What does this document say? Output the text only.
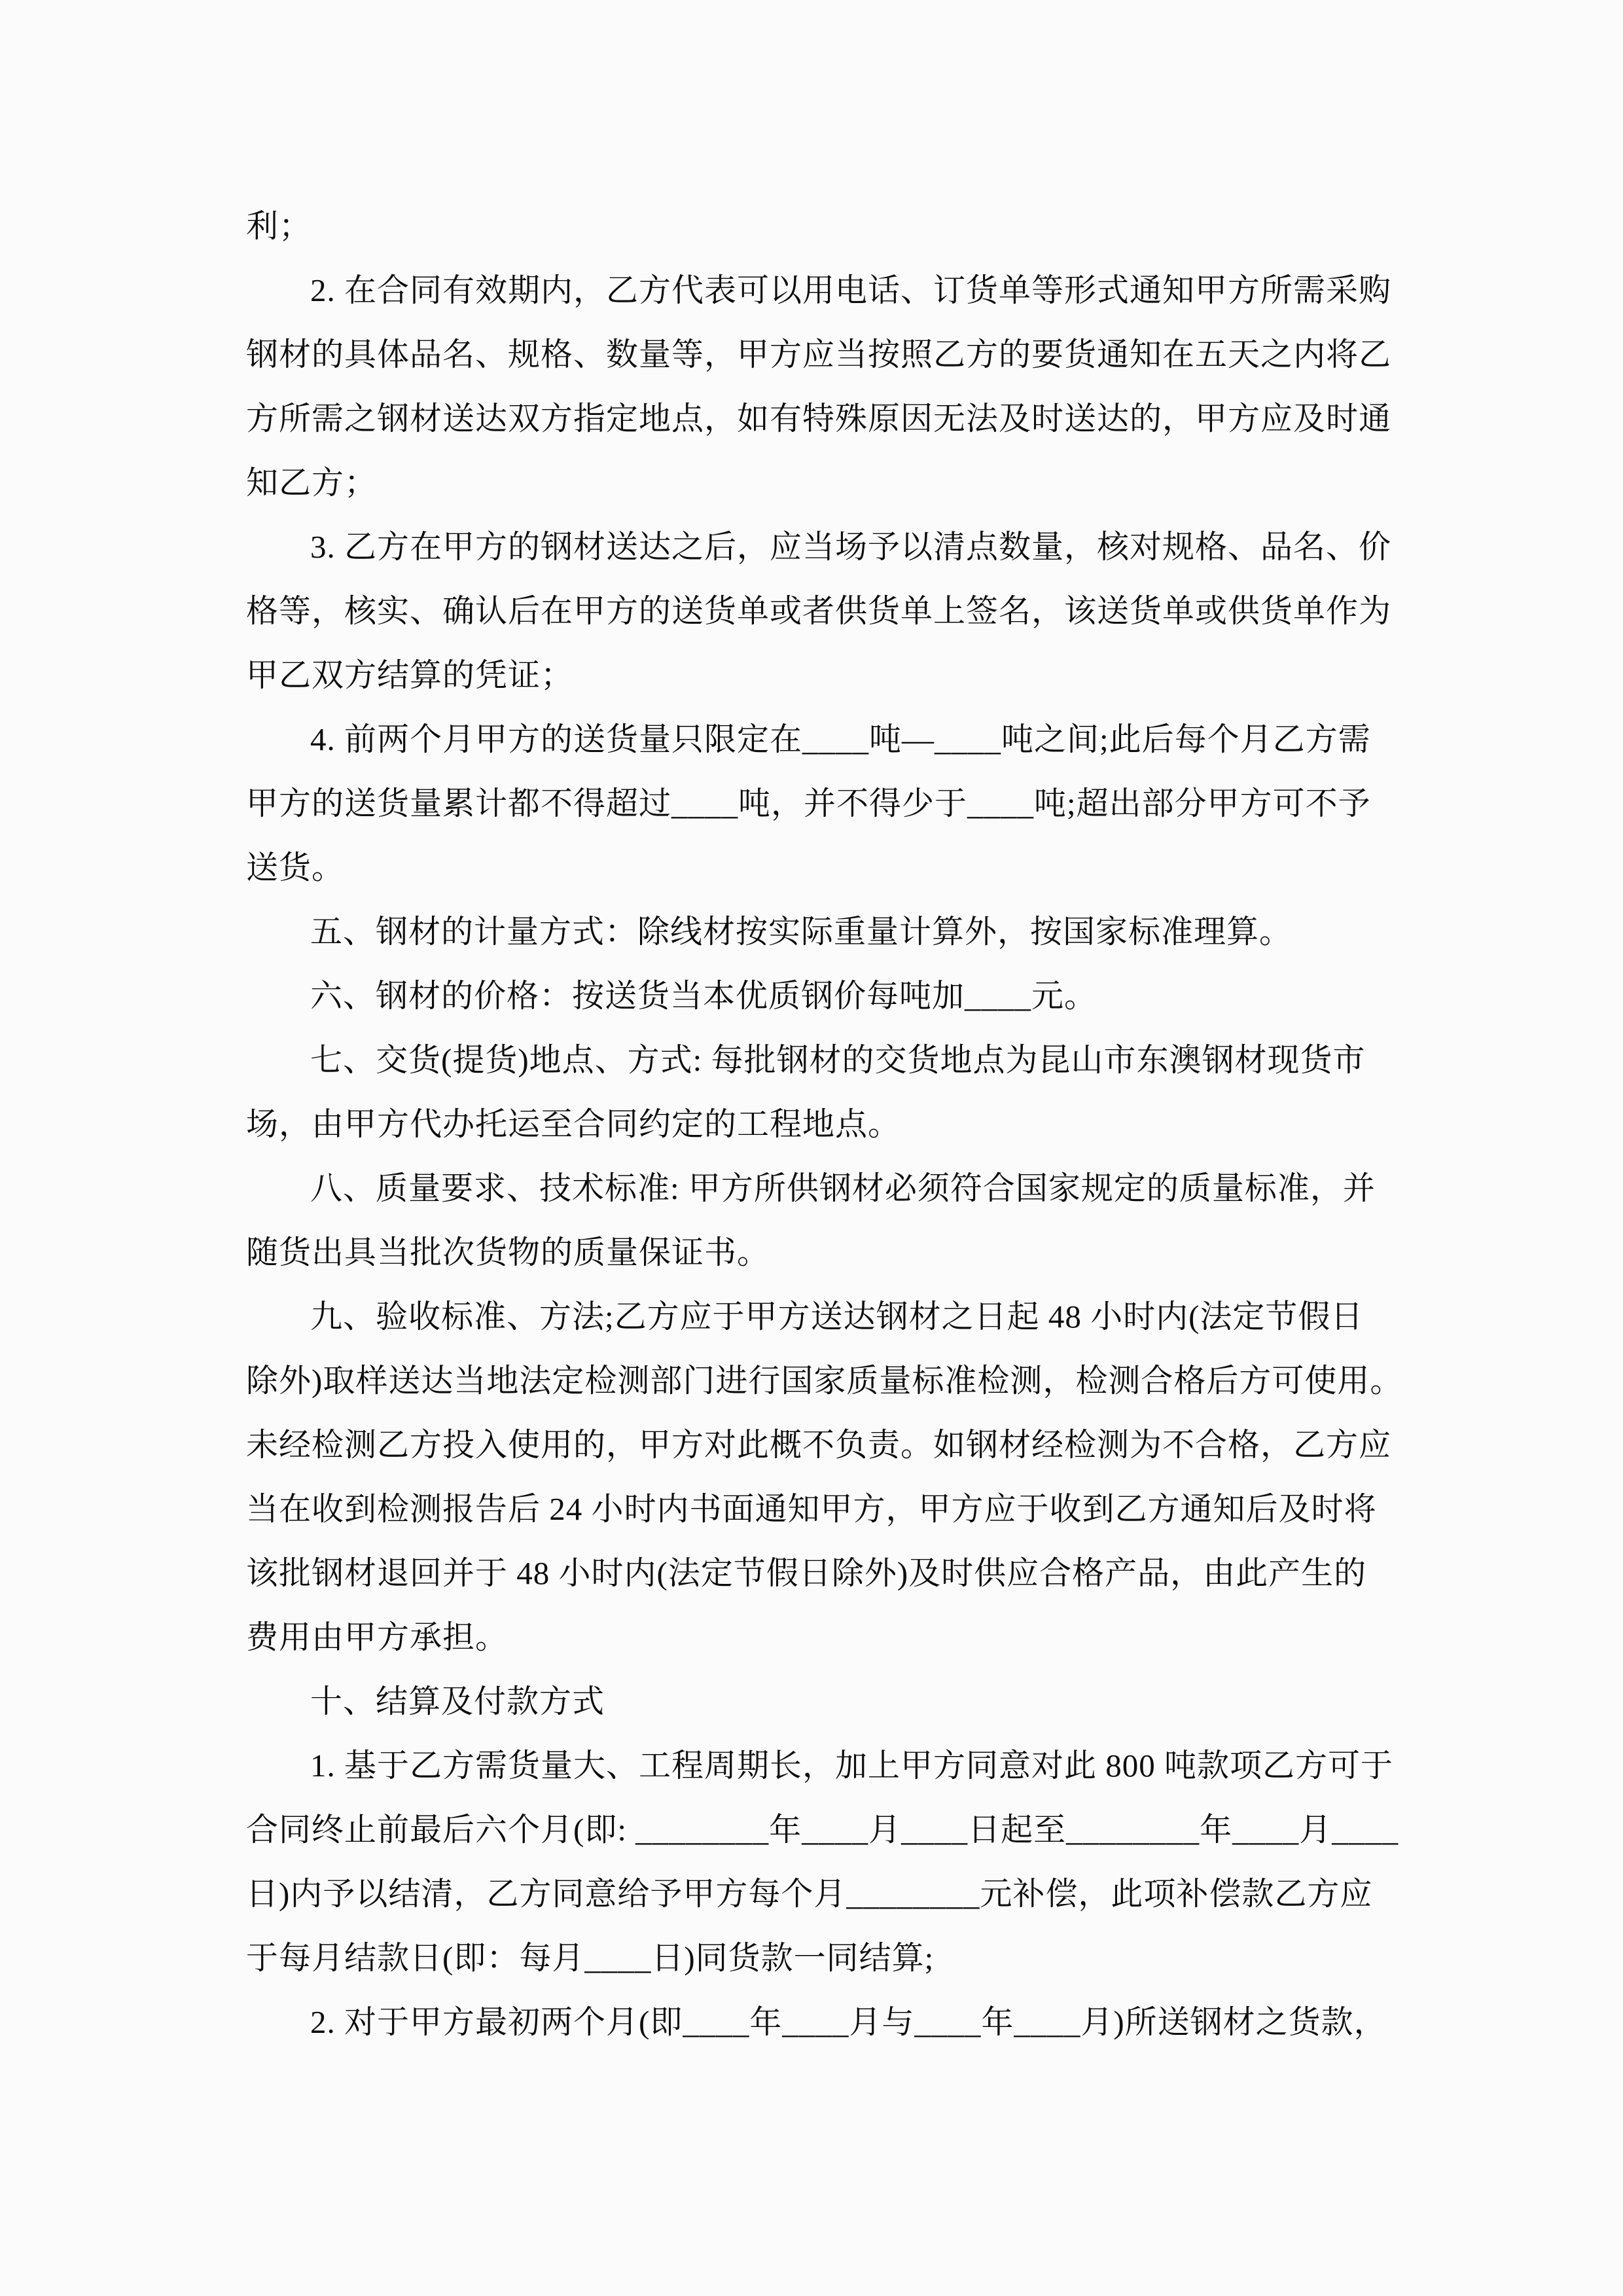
利；
2. 在合同有效期内，乙方代表可以用电话、订货单等形式通知甲方所需采购
钢材的具体品名、规格、数量等，甲方应当按照乙方的要货通知在五天之内将乙
方所需之钢材送达双方指定地点，如有特殊原因无法及时送达的，甲方应及时通
知乙方；
3. 乙方在甲方的钢材送达之后，应当场予以清点数量，核对规格、品名、价
格等，核实、确认后在甲方的送货单或者供货单上签名，该送货单或供货单作为
甲乙双方结算的凭证；
4. 前两个月甲方的送货量只限定在____吨—____吨之间;此后每个月乙方需
甲方的送货量累计都不得超过____吨，并不得少于____吨;超出部分甲方可不予
送货。
五、钢材的计量方式：除线材按实际重量计算外，按国家标准理算。
六、钢材的价格：按送货当本优质钢价每吨加____元。
七、交货(提货)地点、方式: 每批钢材的交货地点为昆山市东澳钢材现货市
场，由甲方代办托运至合同约定的工程地点。
八、质量要求、技术标准: 甲方所供钢材必须符合国家规定的质量标准，并
随货出具当批次货物的质量保证书。
九、验收标准、方法;乙方应于甲方送达钢材之日起 48 小时内(法定节假日
除外)取样送达当地法定检测部门进行国家质量标准检测，检测合格后方可使用。
未经检测乙方投入使用的，甲方对此概不负责。如钢材经检测为不合格，乙方应
当在收到检测报告后 24 小时内书面通知甲方，甲方应于收到乙方通知后及时将
该批钢材退回并于 48 小时内(法定节假日除外)及时供应合格产品，由此产生的
费用由甲方承担。
十、结算及付款方式
1. 基于乙方需货量大、工程周期长，加上甲方同意对此 800 吨款项乙方可于
合同终止前最后六个月(即: ________年____月____日起至________年____月____
日)内予以结清，乙方同意给予甲方每个月________元补偿，此项补偿款乙方应
于每月结款日(即：每月____日)同货款一同结算;
2. 对于甲方最初两个月(即____年____月与____年____月)所送钢材之货款，
